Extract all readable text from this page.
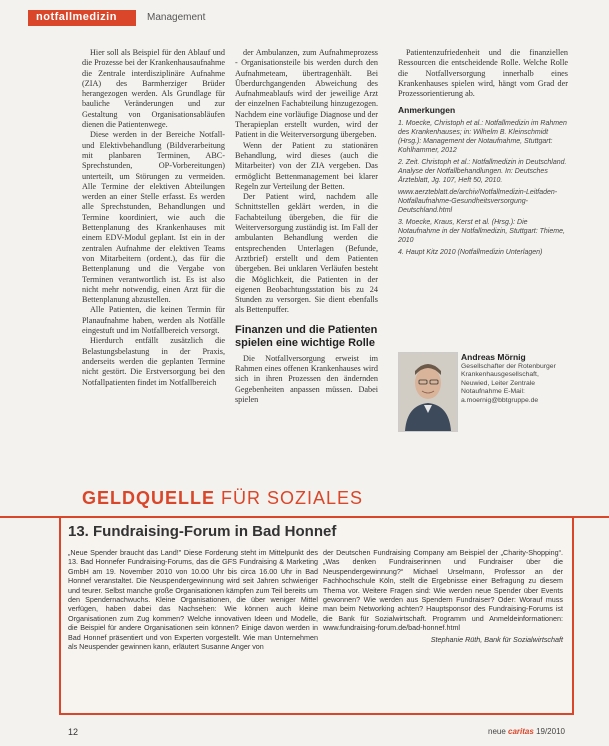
notfallmedizin	Management

Hier soll als Beispiel für den Ablauf und die Prozesse bei der Krankenhausaufnahme die Zentrale interdisziplinäre Aufnahme (ZIA) des Barmherziger Brüder herangezogen werden. Als Grundlage für bauliche Veränderungen und zur Gestaltung von Organisationsabläufen dienen die Patientenwege.

Diese werden in der Bereiche Notfall- und Elektivbehandlung (Bildverarbeitung mit planbaren Terminen, ABC-Sprechstunden, OP-Vorbereitungen) unterteilt, um Störungen zu vermeiden. Alle Termine der elektiven Abteilungen werden an einer Stelle erfasst. Es werden alle Sprechstunden, Behandlungen und Termine koordiniert, wie auch die Bettenplanung des Krankenhauses mit einem EDV-Modul geplant. Ist ein in der zentralen Aufnahme der elektiven Teams von Mitarbeitern (ordent.), das für die Bettenplanung und die Vergabe von Terminen verantwortlich ist. Es ist also nicht mehr notwendig, einen Arzt für die Bettenplanung abzustellen.

Alle Patienten, die keinen Termin für Planaufnahme haben, werden als Notfälle eingestuft und im Notfallbereich versorgt.

Hierdurch entfällt zusätzlich die Belastungsbelastung in der Praxis, anderseits werden die geplanten Termine nicht gestört. Die Erstversorgung bei den Notfallpatienten findet im Notfallbereich

der Ambulanzen, zum Aufnahmeprozess - Organisationsteile bis werden durch den Aufnahmeteam, übertragenhält. Bei Überdurchgangenden Abweichung des Aufnahmeablaufs wird der jeweilige Arzt der einzelnen Fachabteilung hinzugezogen. Nachdem eine vorläufige Diagnose und der Therapieplan erstellt wurden, wird der Patient in die Weiterversorgung übergeben.

Wenn der Patient zu stationären Behandlung, wird dieses (auch die Mitarbeiter) von der ZIA vergeben. Das ermöglicht Bettenmanagement bei klarer Regeln zur Verteilung der Betten.

Der Patient wird, nachdem alle Schnittstellen geklärt werden, in die Fachabteilung übergeben, die für die Weiterversorgung zuständig ist. Im Fall der ambulanten Behandlung werden die entsprechenden Unterlagen (Befunde, Arztbrief) erstellt und dem Patienten übergeben. Bei unklaren Verläufen besteht die Möglichkeit, die Patienten in der eigenen Beobachtungsstation bis zu 24 Stunden zu versorgen. Sie dient ebenfalls als Bettenpuffer.

Finanzen und die Patienten spielen eine wichtige Rolle

Die Notfallversorgung erweist im Rahmen eines offenen Krankenhauses wird sich in ihren Prozessen den ändernden Gegebenheiten anpassen müssen. Dabei spielen

Patientenzufriedenheit und die finanziellen Ressourcen die entscheidende Rolle. Welche Rolle die Notfallversorgung innerhalb eines Krankenhauses spielen wird, hängt vom Grad der Prozessorientierung ab.

Anmerkungen
1. Moecke, Christoph et al.: Notfallmedizin im Rahmen des Krankenhauses; in: Wilhelm B. Kleinschmidt (Hrsg.): Management der Notaufnahme, Stuttgart: Kohlhammer, 2012
2. Zeit. Christoph et al.: Notfallmedizin in Deutschland. Analyse der Notfallbehandlungen. In: Deutsches Ärzteblatt, Jg. 107, Heft 50, 2010.
www.aerzteblatt.de/archiv/Notfallmedizin-Leitfaden-Notfallaufnahme-Gesundheitsversorgung-Deutschland.html
3. Moecke, Kraus, Kerst et al. (Hrsg.): Die Notaufnahme in der Notfallmedizin, Stuttgart: Thieme, 2010
4. Haupt Kitz 2010 (Notfallmedizin Unterlagen)
Andreas Mörnig
Gesellschafter der Rotenburger Krankenhausgesellschaft, Neuwied, Leiter Zentrale Notaufnahme E-Mail: a.moernig@bbtgruppe.de
GELDQUELLE FÜR SOZIALES
13. Fundraising-Forum in Bad Honnef
„Neue Spender braucht das Land!" Diese Forderung steht im Mittelpunkt des 13. Bad Honnefer Fundraising-Forums, das die GFS Fundraising & Marketing GmbH am 19. November 2010 von 10.00 Uhr bis circa 16.00 Uhr in Bad Honnef veranstaltet. Die Neuspendergewinnung wird seit Jahren schwieriger und teurer. Selbst manche große Organisationen kämpfen zum Teil bereits um den Spendernachwuchs. Kleine Organisationen, die über weniger Mittel verfügen, haben dabei das Nachsehen: Wie können auch kleine Organisationen zum Zug kommen? Welche innovativen Ideen und Modelle, die Beispiel für andere Organisationen sein können? Einige davon werden in Bad Honnef präsentiert und von Experten vorgestellt. Wie man Unternehmen als Neuspender gewinnen kann, erläutert Susanne Anger von
der Deutschen Fundraising Company am Beispiel der „Charity-Shopping“. „Was denken Fundraiserinnen und Fundraiser über die Neuspendergewinnung?“ Michael Urselmann, Professor an der Fachhochschule Köln, stellt die Ergebnisse einer Befragung zu diesem Thema vor. Weitere Fragen sind: Wie werden neue Spender über Events gewonnen? Wie werden aus Spendern Fundraiser? Oder: Worauf muss man beim Networking achten? Hauptsponsor des Fundraising-Forums ist die Bank für Sozialwirtschaft. Programm und Anmeldeinformationen: www.fundraising-forum.de/bad-honnef.html
Stephanie Rüth, Bank für Sozialwirtschaft
12	neue caritas 19/2010
